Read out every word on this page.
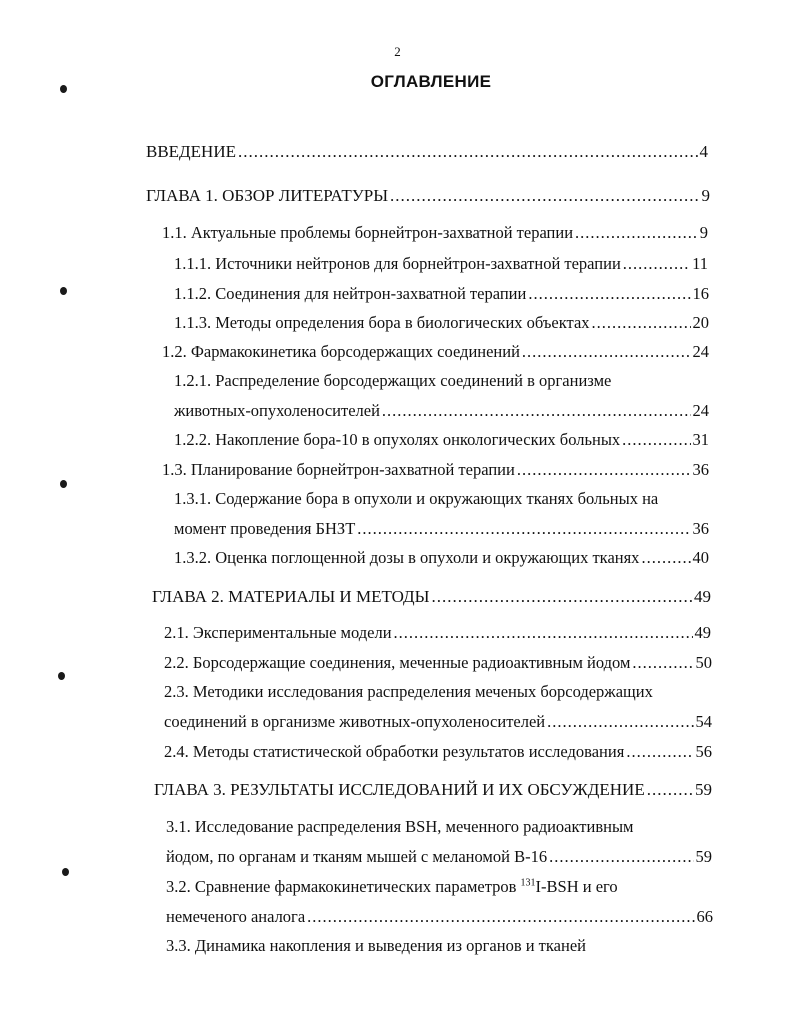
2
ОГЛАВЛЕНИЕ
ВВЕДЕНИЕ .....	4
ГЛАВА 1. ОБЗОР ЛИТЕРАТУРЫ .....	9
1.1. Актуальные проблемы борнейтрон-захватной терапии .....	9
1.1.1. Источники нейтронов для борнейтрон-захватной терапии .....	11
1.1.2. Соединения для нейтрон-захватной терапии .....	16
1.1.3. Методы определения бора в биологических объектах .....	20
1.2. Фармакокинетика борсодержащих соединений .....	24
1.2.1. Распределение борсодержащих соединений в организме
животных-опухоленосителей .....	24
1.2.2. Накопление бора-10 в опухолях онкологических больных .....	31
1.3. Планирование борнейтрон-захватной терапии .....	36
1.3.1. Содержание бора в опухоли и окружающих тканях больных на
момент проведения БНЗТ .....	36
1.3.2. Оценка поглощенной дозы в опухоли и окружающих тканях .....	40
ГЛАВА 2. МАТЕРИАЛЫ И МЕТОДЫ .....	49
2.1. Экспериментальные модели .....	49
2.2. Борсодержащие соединения, меченные радиоактивным йодом .....	50
2.3. Методики исследования распределения меченых борсодержащих
соединений в организме животных-опухоленосителей .....	54
2.4. Методы статистической обработки результатов исследования .....	56
ГЛАВА 3. РЕЗУЛЬТАТЫ ИССЛЕДОВАНИЙ И ИХ ОБСУЖДЕНИЕ .....	59
3.1. Исследование распределения BSH, меченного радиоактивным
йодом, по органам и тканям мышей с меланомой В-16 .....	59
3.2. Сравнение фармакокинетических параметров $^{131}$I-BSH и его
немеченого аналога .....	66
3.3. Динамика накопления и выведения из органов и тканей
